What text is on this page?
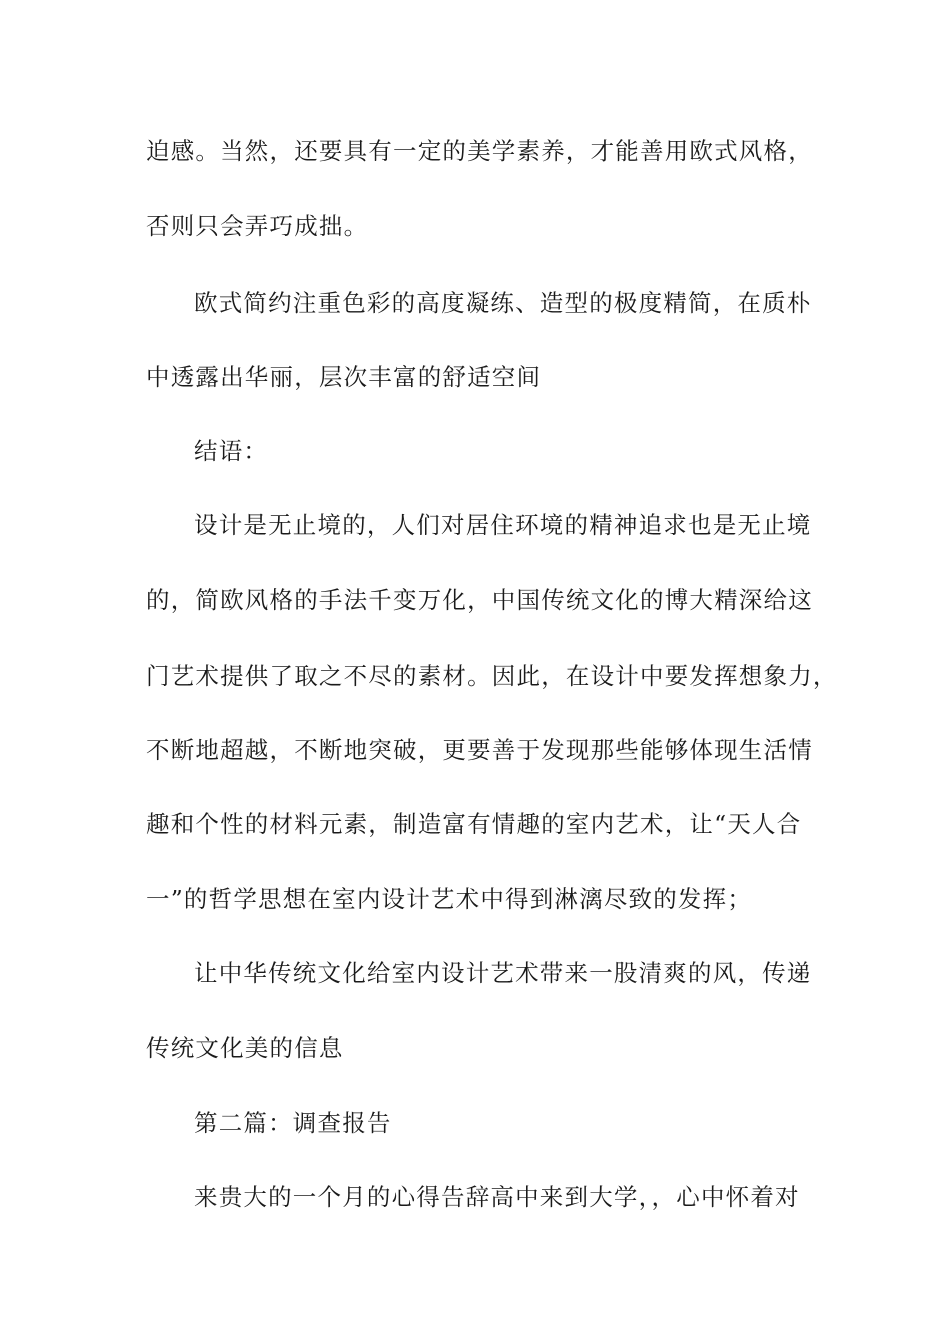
迫感。当然，还要具有一定的美学素养，才能善用欧式风格，
否则只会弄巧成拙。
欧式简约注重色彩的高度凝练、造型的极度精简，在质朴
中透露出华丽，层次丰富的舒适空间
结语：
设计是无止境的，人们对居住环境的精神追求也是无止境
的，简欧风格的手法千变万化，中国传统文化的博大精深给这
门艺术提供了取之不尽的素材。因此，在设计中要发挥想象力，
不断地超越，不断地突破，更要善于发现那些能够体现生活情
趣和个性的材料元素，制造富有情趣的室内艺术，让“天人合
一”的哲学思想在室内设计艺术中得到淋漓尽致的发挥；
让中华传统文化给室内设计艺术带来一股清爽的风，传递
传统文化美的信息
第二篇：调查报告
来贵大的一个月的心得告辞高中来到大学，，心中怀着对
